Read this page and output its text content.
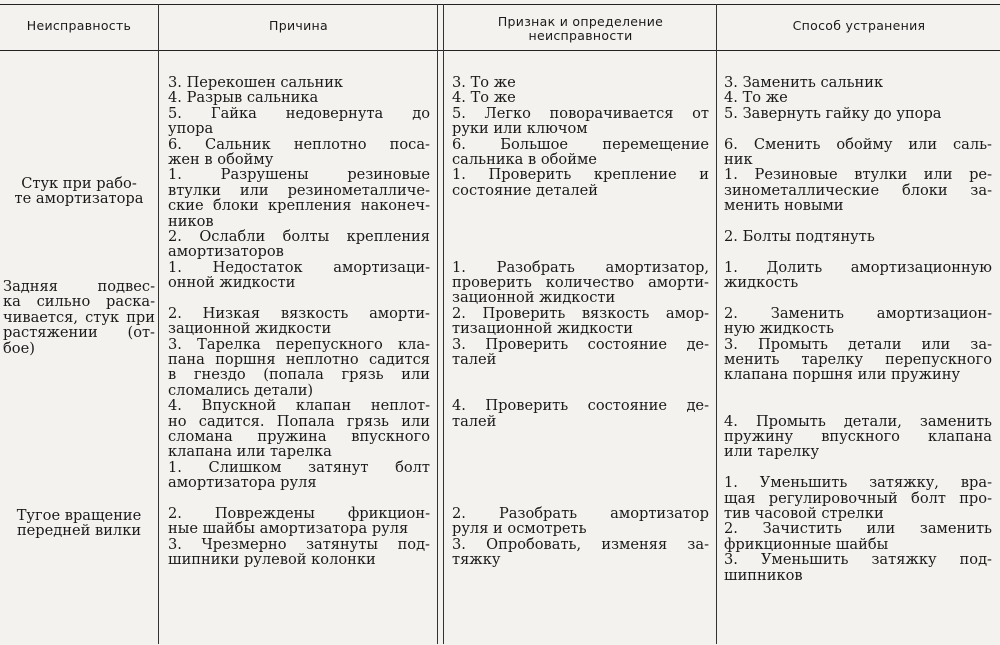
Неисправность	Причина	Признак и определение
неисправности
Способ устранения
Стук при рабо-
те амортизатора
Задняя подвес-
ка сильно раска-
чивается, стук при
растяжении (от-
бое)
Тугое вращение
передней вилки
3. Перекошен сальник
4. Разрыв сальника
5. Гайка недовернута до
упора
6. Сальник неплотно посa-
жен в обойму
1. Разрушены резиновые
втулки или резинометалличе-
ские блоки крепления наконеч-
ников
2. Ослабли болты крепления
амортизаторов
1. Недостаток амортизаци-
онной жидкости
2. Низкая вязкость аморти-
зационной жидкости
3. Тарелка перепускного кла-
пана поршня неплотно садится
в гнездо (попала грязь или
сломались детали)
4. Впускной клапан неплот-
но садится. Попала грязь или
сломана пружина впускного
клапана или тарелка
1. Слишком затянут болт
амортизатора руля
2. Повреждены фрикцион-
ные шайбы амортизатора руля
3. Чрезмерно затянуты под-
шипники рулевой колонки
3. То же
4. То же
5. Легко поворачивается от
руки или ключом
6. Большое перемещение
сальника в обойме
1. Проверить крепление и
состояние деталей
1. Разобрать амортизатор,
проверить количество аморти-
зационной жидкости
2. Проверить вязкость амор-
тизационной жидкости
3. Проверить состояние де-
талей
4. Проверить состояние де-
талей
2. Разобрать амортизатор
руля и осмотреть
3. Опробовать, изменяя за-
тяжку
3. Заменить сальник
4. То же
5. Завернуть гайку до упора
6. Сменить обойму или саль-
ник
1. Резиновые втулки или ре-
зинометаллические блоки за-
менить новыми
2. Болты подтянуть
1. Долить амортизационную
жидкость
2. Заменить амортизацион-
ную жидкость
3. Промыть детали или за-
менить тарелку перепускного
клапана поршня или пружину
4. Промыть детали, заменить
пружину впускного клапана
или тарелку
1. Уменьшить затяжку, вра-
щая регулировочный болт про-
тив часовой стрелки
2. Зачистить или заменить
фрикционные шайбы
3. Уменьшить затяжку под-
шипников
